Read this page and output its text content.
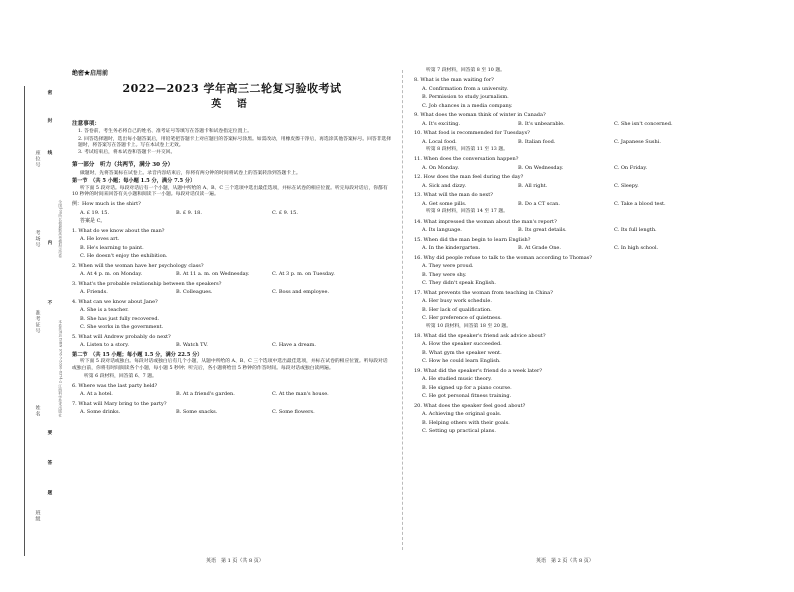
密
封
线
内
不
要
答
题
座位号
考场号
准考证号
姓名
班级
全国100所名校最新高考模拟示范卷
本卷共8页 ISBN 978-7-5390-8374-2 江西科学技术出版社
绝密★启用前
2022—2023 学年高三二轮复习验收考试
英 语
注意事项：
1. 答卷前，考生务必将自己的姓名、准考证号等填写在答题卡和试卷指定位置上。
2. 回答选择题时，选出每小题答案后，用铅笔把答题卡上对应题目的答案标号涂黑。如需改动，用橡皮擦干净后，再选涂其他答案标号。回答非选择题时，将答案写在答题卡上。写在本试卷上无效。
3. 考试结束后，将本试卷和答题卡一并交回。
第一部分　听力（共两节，满分 30 分）
做题时，先将答案标在试卷上。录音内容结束后，你将有两分钟的时间将试卷上的答案转涂到答题卡上。
第一节　（共 5 小题；每小题 1.5 分，满分 7.5 分）
听下面 5 段对话。每段对话后有一个小题，从题中所给的 A、B、C 三个选项中选出最佳选项，并标在试卷的相应位置。听完每段对话后，你都有 10 秒钟的时间来回答有关小题和阅读下一小题。每段对话仅读一遍。
例：How much is the shirt?
A. £ 19. 15.	B. £ 9. 18.	C. £ 9. 15.
答案是 C。
1. What do we know about the man?
A. He loves art.
B. He's learning to paint.
C. He doesn't enjoy the exhibition.
2. When will the woman have her psychology class?
A. At 4 p. m. on Monday.	B. At 11 a. m. on Wednesday.	C. At 3 p. m. on Tuesday.
3. What's the probable relationship between the speakers?
A. Friends.	B. Colleagues.	C. Boss and employee.
4. What can we know about Jane?
A. She is a teacher.
B. She has just fully recovered.
C. She works in the government.
5. What will Andrew probably do next?
A. Listen to a story.	B. Watch TV.	C. Have a dream.
第二节　（共 15 小题；每小题 1.5 分，满分 22.5 分）
听下面 5 段对话或独白。每段对话或独白后有几个小题，从题中所给的 A、B、C 三个选项中选出最佳选项，并标在试卷的相应位置。听每段对话或独白前，你将有时间阅读各个小题，每小题 5 秒钟；听完后，各小题将给出 5 秒钟的作答时间。每段对话或独白读两遍。
听第 6 段材料，回答第 6、7 题。
6. Where was the last party held?
A. At a hotel.	B. At a friend's garden.	C. At the man's house.
7. What will Mary bring to the party?
A. Some drinks.	B. Some snacks.	C. Some flowers.
英语　第 1 页（共 8 页）
听第 7 段材料，回答第 8 至 10 题。
8. What is the man waiting for?
A. Confirmation from a university.
B. Permission to study journalism.
C. Job chances in a media company.
9. What does the woman think of winter in Canada?
A. It's exciting.	B. It's unbearable.	C. She isn't concerned.
10. What food is recommended for Tuesdays?
A. Local food.	B. Italian food.	C. Japanese Sushi.
听第 8 段材料，回答第 11 至 13 题。
11. When does the conversation happen?
A. On Monday.	B. On Wednesday.	C. On Friday.
12. How does the man feel during the day?
A. Sick and dizzy.	B. All right.	C. Sleepy.
13. What will the man do next?
A. Get some pills.	B. Do a CT scan.	C. Take a blood test.
听第 9 段材料，回答第 14 至 17 题。
14. What impressed the woman about the man's report?
A. Its language.	B. Its great details.	C. Its full length.
15. When did the man begin to learn English?
A. In the kindergarten.	B. At Grade One.	C. In high school.
16. Why did people refuse to talk to the woman according to Thomas?
A. They were proud.
B. They were shy.
C. They didn't speak English.
17. What prevents the woman from teaching in China?
A. Her busy work schedule.
B. Her lack of qualification.
C. Her preference of quietness.
听第 10 段材料，回答第 18 至 20 题。
18. What did the speaker's friend ask advice about?
A. How the speaker succeeded.
B. What gym the speaker went.
C. How he could learn English.
19. What did the speaker's friend do a week later?
A. He studied music theory.
B. He signed up for a piano course.
C. He got personal fitness training.
20. What does the speaker feel good about?
A. Achieving the original goals.
B. Helping others with their goals.
C. Setting up practical plans.
英语　第 2 页（共 8 页）
